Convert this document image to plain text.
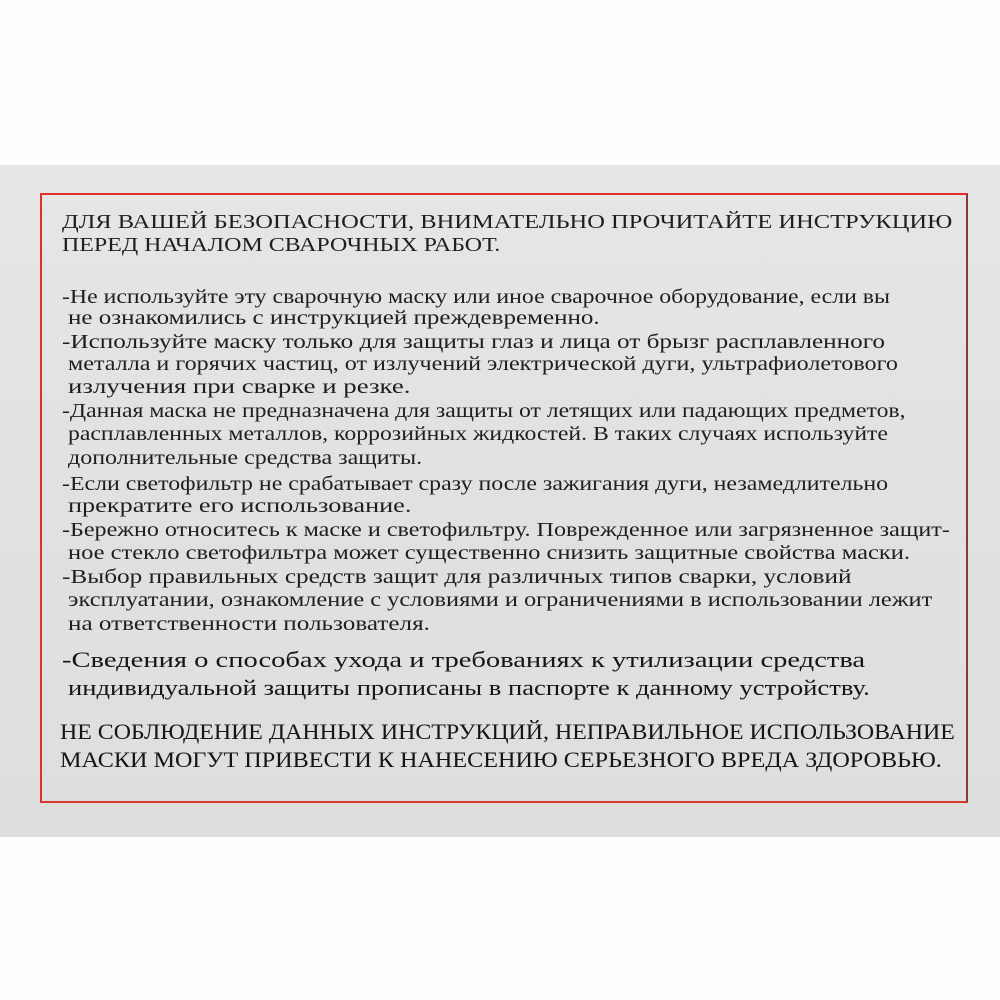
ДЛЯ ВАШЕЙ БЕЗОПАСНОСТИ, ВНИМАТЕЛЬНО ПРОЧИТАЙТЕ ИНСТРУКЦИЮ
ПЕРЕД НАЧАЛОМ СВАРОЧНЫХ РАБОТ.
-Не используйте эту сварочную маску или иное сварочное оборудование, если вы
не ознакомились с инструкцией преждевременно.
-Используйте маску только для защиты глаз и лица от брызг расплавленного
металла и горячих частиц, от излучений электрической дуги, ультрафиолетового
излучения при сварке и резке.
-Данная маска не предназначена для защиты от летящих или падающих предметов,
расплавленных металлов, коррозийных жидкостей. В таких случаях используйте
дополнительные средства защиты.
-Если светофильтр не срабатывает сразу после зажигания дуги, незамедлительно
прекратите его использование.
-Бережно относитесь к маске и светофильтру. Поврежденное или загрязненное защит-
ное стекло светофильтра может существенно снизить защитные свойства маски.
-Выбор правильных средств защит для различных типов сварки, условий
эксплуатании, ознакомление с условиями и ограничениями в использовании лежит
на ответственности пользователя.
-Сведения о способах ухода и требованиях к утилизации средства
индивидуальной защиты прописаны в паспорте к данному устройству.
НЕ СОБЛЮДЕНИЕ ДАННЫХ ИНСТРУКЦИЙ, НЕПРАВИЛЬНОЕ ИСПОЛЬЗОВАНИЕ
МАСКИ МОГУТ ПРИВЕСТИ К НАНЕСЕНИЮ СЕРЬЕЗНОГО ВРЕДА ЗДОРОВЬЮ.
